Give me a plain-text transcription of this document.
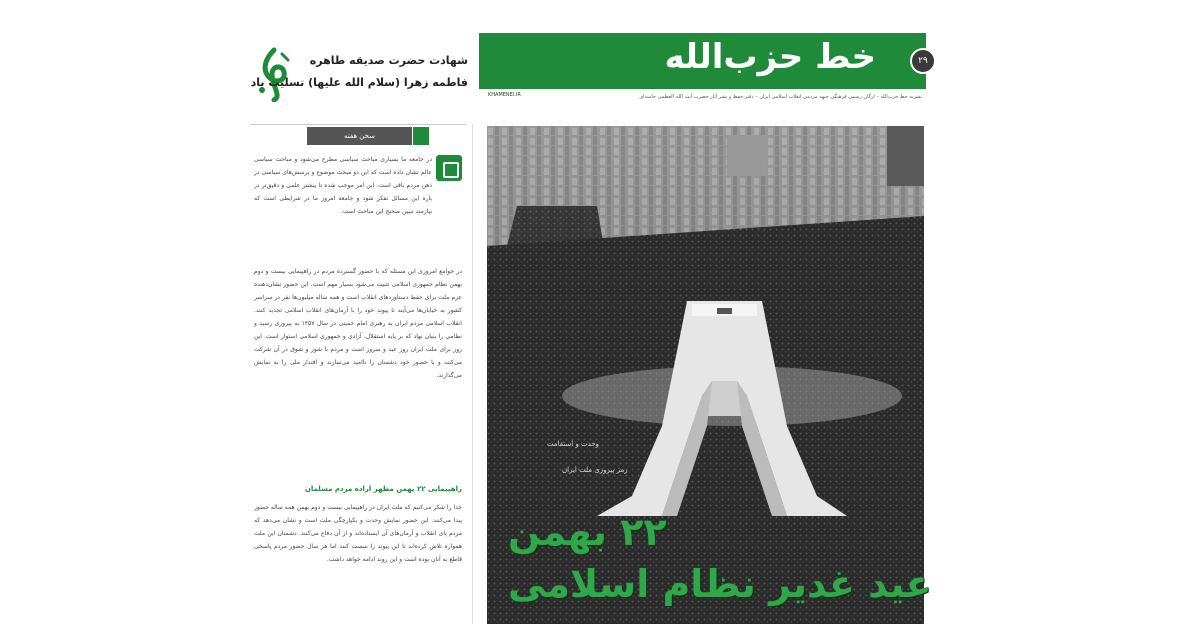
شهادت حضرت صدیقه طاهره
فاطمه زهرا (سلام الله علیها) تسلیت باد
خط حزب‌الله	۲۹
نشریه خط حزب‌الله – ارگان رسمی فرهنگی جبهه مردمی انقلاب اسلامی ایران – دفتر حفظ و نشر آثار حضرت آیت الله العظمی خامنه‌ای
KHAMENEI.IR
سخن هفته
در جامعه ما بسیاری مباحث سیاسی مطرح می‌شود و مباحث سیاسی عالم نشان داده است که این دو مبحث موضوع و پرسش‌های سیاسی در ذهن مردم باقی است. این امر موجب شده تا بیشتر علمی و دقیق‌تر در باره این مسائل تفکر شود و جامعه امروز ما در شرایطی است که نیازمند تبیین صحیح این مباحث است.
در جوامع امروزی این مسئله که با حضور گسترده مردم در راهپیمایی بیست و دوم بهمن نظام جمهوری اسلامی تثبیت می‌شود بسیار مهم است. این حضور نشان‌دهنده عزم ملت برای حفظ دستاوردهای انقلاب است و همه ساله میلیون‌ها نفر در سراسر کشور به خیابان‌ها می‌آیند تا پیوند خود را با آرمان‌های انقلاب اسلامی تجدید کنند. انقلاب اسلامی مردم ایران به رهبری امام خمینی در سال ۱۳۵۷ به پیروزی رسید و نظامی را بنیان نهاد که بر پایه استقلال، آزادی و جمهوری اسلامی استوار است. این روز برای ملت ایران روز عید و سرور است و مردم با شور و شوق در آن شرکت می‌کنند و با حضور خود دشمنان را ناامید می‌سازند و اقتدار ملی را به نمایش می‌گذارند.
راهپیمایی ۲۲ بهمن مظهر اراده مردم مسلمان
خدا را شکر می‌کنیم که ملت ایران در راهپیمایی بیست و دوم بهمن همه ساله حضور پیدا می‌کنند. این حضور نمایش وحدت و یکپارچگی ملت است و نشان می‌دهد که مردم پای انقلاب و آرمان‌های آن ایستاده‌اند و از آن دفاع می‌کنند. دشمنان این ملت همواره تلاش کرده‌اند تا این پیوند را سست کنند اما هر سال حضور مردم پاسخی قاطع به آنان بوده است و این روند ادامه خواهد داشت.
وحدت و استقامت
رمز پیروزی ملت ایران
۲۲ بهمن
عید غدیر نظام اسلامی
